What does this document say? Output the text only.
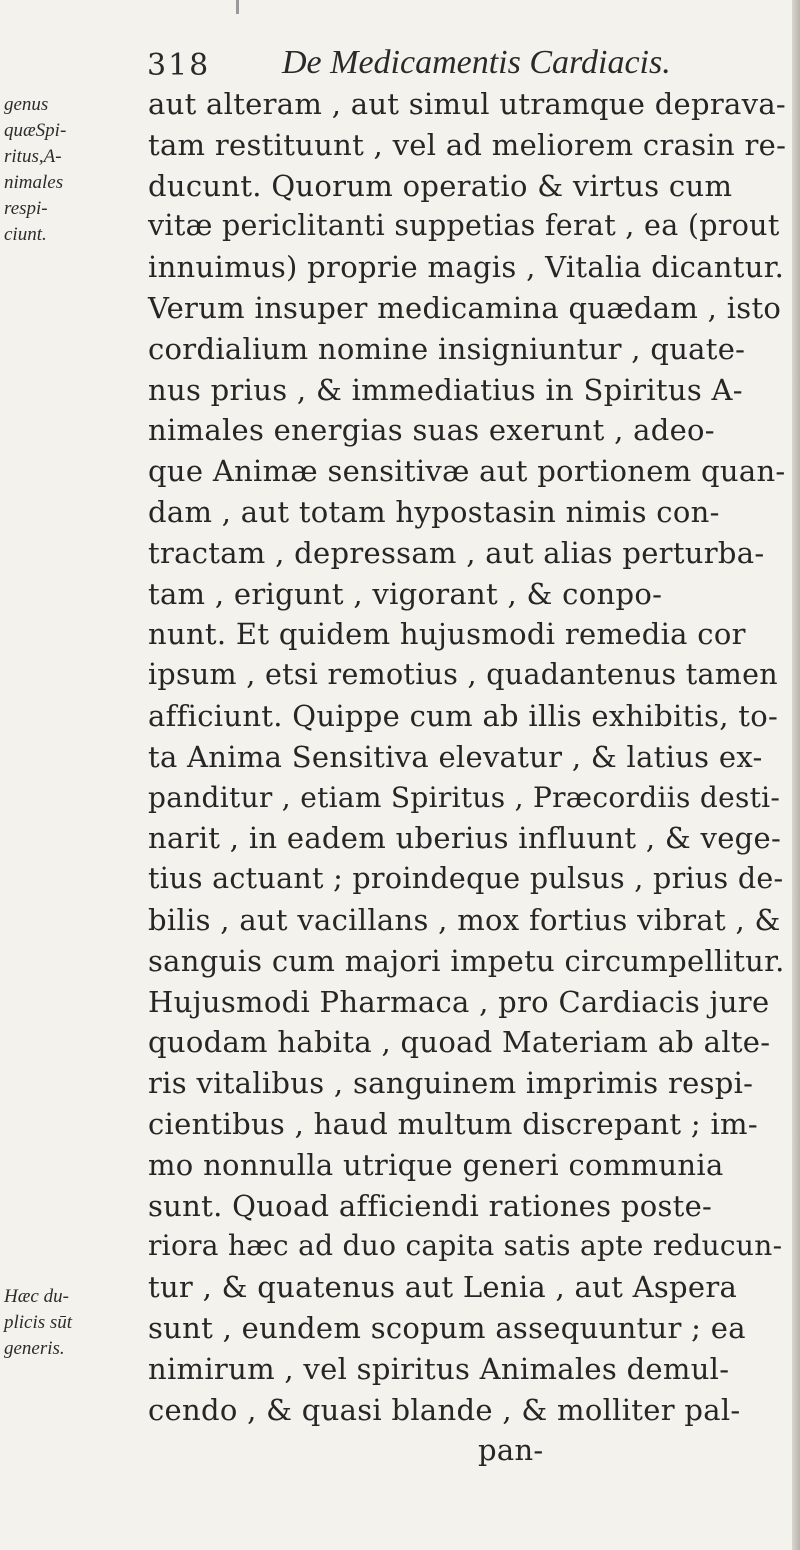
318 De Medicamentis Cardiacis.
genus
quæSpi-
ritus,A-
nimales
respi-
ciunt.
Hæc du-
plicis sūt
generis.
aut alteram , aut simul utramque deprava-
tam restituunt , vel ad meliorem crasin re-
ducunt. Quorum operatio & virtus cum
vitæ periclitanti suppetias ferat , ea (prout
innuimus) proprie magis , Vitalia dicantur.
Verum insuper medicamina quædam , isto
cordialium nomine insigniuntur , quate-
nus prius , & immediatius in Spiritus A-
nimales energias suas exerunt , adeo-
que Animæ sensitivæ aut portionem quan-
dam , aut totam hypostasin nimis con-
tractam , depressam , aut alias perturba-
tam , erigunt , vigorant , & conpo-
nunt. Et quidem hujusmodi remedia cor
ipsum , etsi remotius , quadantenus tamen
afficiunt. Quippe cum ab illis exhibitis, to-
ta Anima Sensitiva elevatur , & latius ex-
panditur , etiam Spiritus , Præcordiis desti-
narit , in eadem uberius influunt , & vege-
tius actuant ; proindeque pulsus , prius de-
bilis , aut vacillans , mox fortius vibrat , &
sanguis cum majori impetu circumpellitur.
Hujusmodi Pharmaca , pro Cardiacis jure
quodam habita , quoad Materiam ab alte-
ris vitalibus , sanguinem imprimis respi-
cientibus , haud multum discrepant ; im-
mo nonnulla utrique generi communia
sunt. Quoad afficiendi rationes poste-
riora hæc ad duo capita satis apte reducun-
tur , & quatenus aut Lenia , aut Aspera
sunt , eundem scopum assequuntur ; ea
nimirum , vel spiritus Animales demul-
cendo , & quasi blande , & molliter pal-
pan-
